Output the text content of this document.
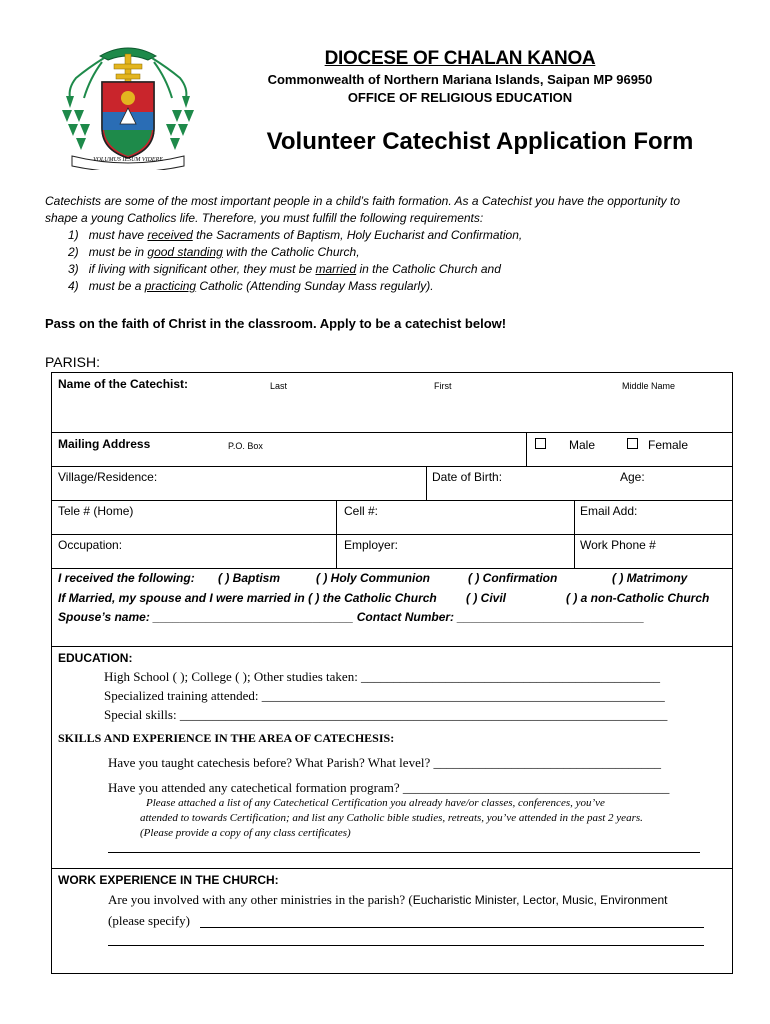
VOLUMUS IESUM VIDERE
DIOCESE OF CHALAN KANOA
Commonwealth of Northern Mariana Islands, Saipan MP 96950
OFFICE OF RELIGIOUS EDUCATION
Volunteer Catechist Application Form
Catechists are some of the most important people in a child’s faith formation. As a Catechist you have the opportunity to
shape a young Catholics life. Therefore, you must fulfill the following requirements:
1) must have received the Sacraments of Baptism, Holy Eucharist and Confirmation,
2) must be in good standing with the Catholic Church,
3) if living with significant other, they must be married in the Catholic Church and
4) must be a practicing Catholic (Attending Sunday Mass regularly).
Pass on the faith of Christ in the classroom. Apply to be a catechist below!
PARISH:
Name of the Catechist:	Last	First	Middle Name
Mailing Address	P.O. Box	Male	Female
Village/Residence:	Date of Birth:	Age:
Tele # (Home)	Cell #:	Email Add:
Occupation:	Employer:	Work Phone #
I received the following: ( ) Baptism	( ) Holy Communion	( ) Confirmation	( ) Matrimony
If Married, my spouse and I were married in ( ) the Catholic Church ( ) Civil	( ) a non-Catholic Church
Spouse’s name: ______________________________ Contact Number: ____________________________
EDUCATION:
High School ( ); College ( ); Other studies taken: ______________________________________________
Specialized training attended: ______________________________________________________________
Special skills: ___________________________________________________________________________
SKILLS AND EXPERIENCE IN THE AREA OF CATECHESIS:
Have you taught catechesis before? What Parish? What level? ___________________________________
Have you attended any catechetical formation program? _________________________________________
Please attached a list of any Catechetical Certification you already have/or classes, conferences, you’ve
attended to towards Certification; and list any Catholic bible studies, retreats, you’ve attended in the past 2 years.
(Please provide a copy of any class certificates)
WORK EXPERIENCE IN THE CHURCH:
Are you involved with any other ministries in the parish? (Eucharistic Minister, Lector, Music, Environment
(please specify)
